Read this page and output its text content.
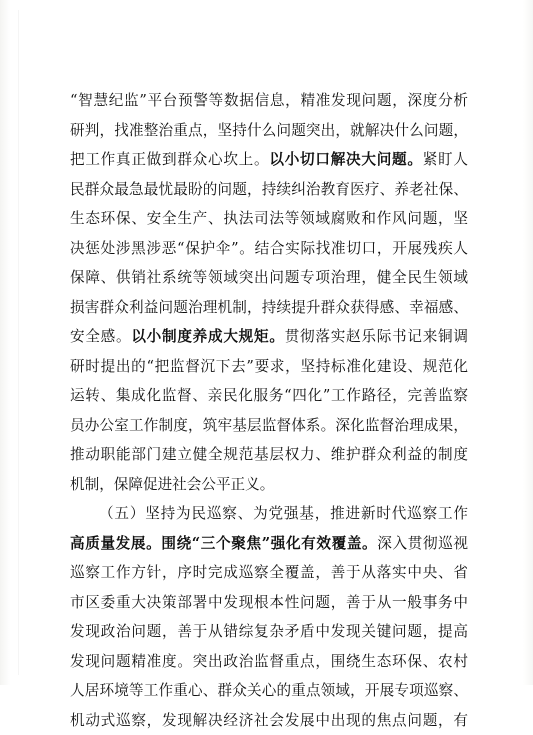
“智慧纪监”平台预警等数据信息，精准发现问题，深度分析
研判，找准整治重点，坚持什么问题突出，就解决什么问题，
把工作真正做到群众心坎上。以小切口解决大问题。紧盯人
民群众最急最忧最盼的问题，持续纠治教育医疗、养老社保、
生态环保、安全生产、执法司法等领域腐败和作风问题，坚
决惩处涉黑涉恶“保护伞”。结合实际找准切口，开展残疾人
保障、供销社系统等领域突出问题专项治理，健全民生领域
损害群众利益问题治理机制，持续提升群众获得感、幸福感、
安全感。以小制度养成大规矩。贯彻落实赵乐际书记来铜调
研时提出的“把监督沉下去”要求，坚持标准化建设、规范化
运转、集成化监督、亲民化服务“四化”工作路径，完善监察
员办公室工作制度，筑牢基层监督体系。深化监督治理成果，
推动职能部门建立健全规范基层权力、维护群众利益的制度
机制，保障促进社会公平正义。
（五）坚持为民巡察、为党强基，推进新时代巡察工作
高质量发展。围绕“三个聚焦”强化有效覆盖。深入贯彻巡视
巡察工作方针，序时完成巡察全覆盖，善于从落实中央、省
市区委重大决策部署中发现根本性问题，善于从一般事务中
发现政治问题，善于从错综复杂矛盾中发现关键问题，提高
发现问题精准度。突出政治监督重点，围绕生态环保、农村
人居环境等工作重心、群众关心的重点领域，开展专项巡察、
机动式巡察，发现解决经济社会发展中出现的焦点问题，有
